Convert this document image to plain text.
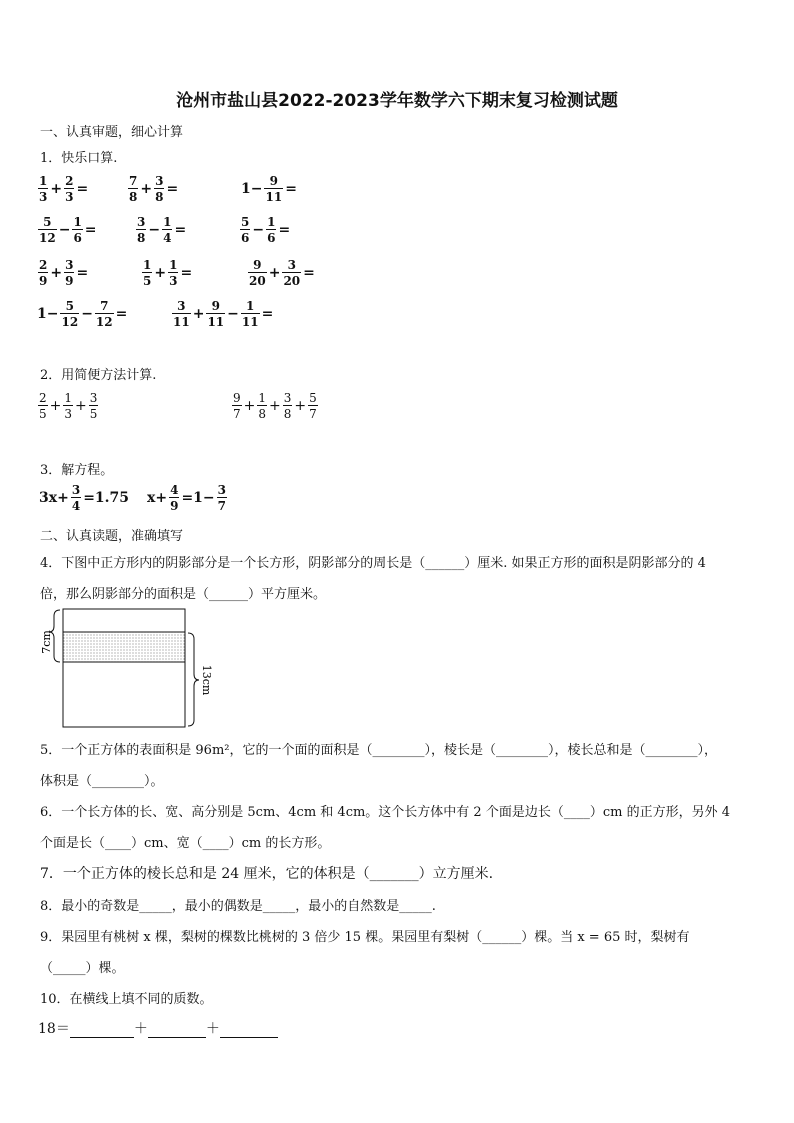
沧州市盐山县2022-2023学年数学六下期末复习检测试题
一、认真审题，细心计算
1．快乐口算.
$\frac{1}{3} + \frac{2}{3}$ =	$\frac{7}{8} + \frac{3}{8}$ =	$1- \frac{9}{11}$ =
$\frac{5}{12} - \frac{1}{6}$ =	$\frac{3}{8} - \frac{1}{4}$ =	$\frac{5}{6} - \frac{1}{6}$ =
$\frac{2}{9} + \frac{3}{9}$ =	$\frac{1}{5} + \frac{1}{3}$ =	$\frac{9}{20} + \frac{3}{20}$ =
$1- \frac{5}{12} - \frac{7}{12}$ =	$\frac{3}{11} + \frac{9}{11} - \frac{1}{11}$ =
2．用简便方法计算.
$\frac{2}{5} + \frac{1}{3} + \frac{3}{5}$	$\frac{9}{7} + \frac{1}{8} + \frac{3}{8} + \frac{5}{7}$
3．解方程。
$3x+ \frac{3}{4} =1.75$ $x+ \frac{4}{9} =1- \frac{3}{7}$
二、认真读题，准确填写
4．下图中正方形内的阴影部分是一个长方形，阴影部分的周长是（______）厘米. 如果正方形的面积是阴影部分的 4
倍，那么阴影部分的面积是（______）平方厘米。
7cm
13cm
5．一个正方体的表面积是 96m²，它的一个面的面积是（________），棱长是（________），棱长总和是（________），
体积是（________）。
6．一个长方体的长、宽、高分别是 5cm、4cm 和 4cm。这个长方体中有 2 个面是边长（____）cm 的正方形，另外 4
个面是长（____）cm、宽（____）cm 的长方形。
7．一个正方体的棱长总和是 24 厘米，它的体积是（_______）立方厘米.
8．最小的奇数是_____，最小的偶数是_____，最小的自然数是_____.
9．果园里有桃树 x 棵，梨树的棵数比桃树的 3 倍少 15 棵。果园里有梨树（______）棵。当 x = 65 时，梨树有
（_____）棵。
10．在横线上填不同的质数。
18＝	＋	＋
